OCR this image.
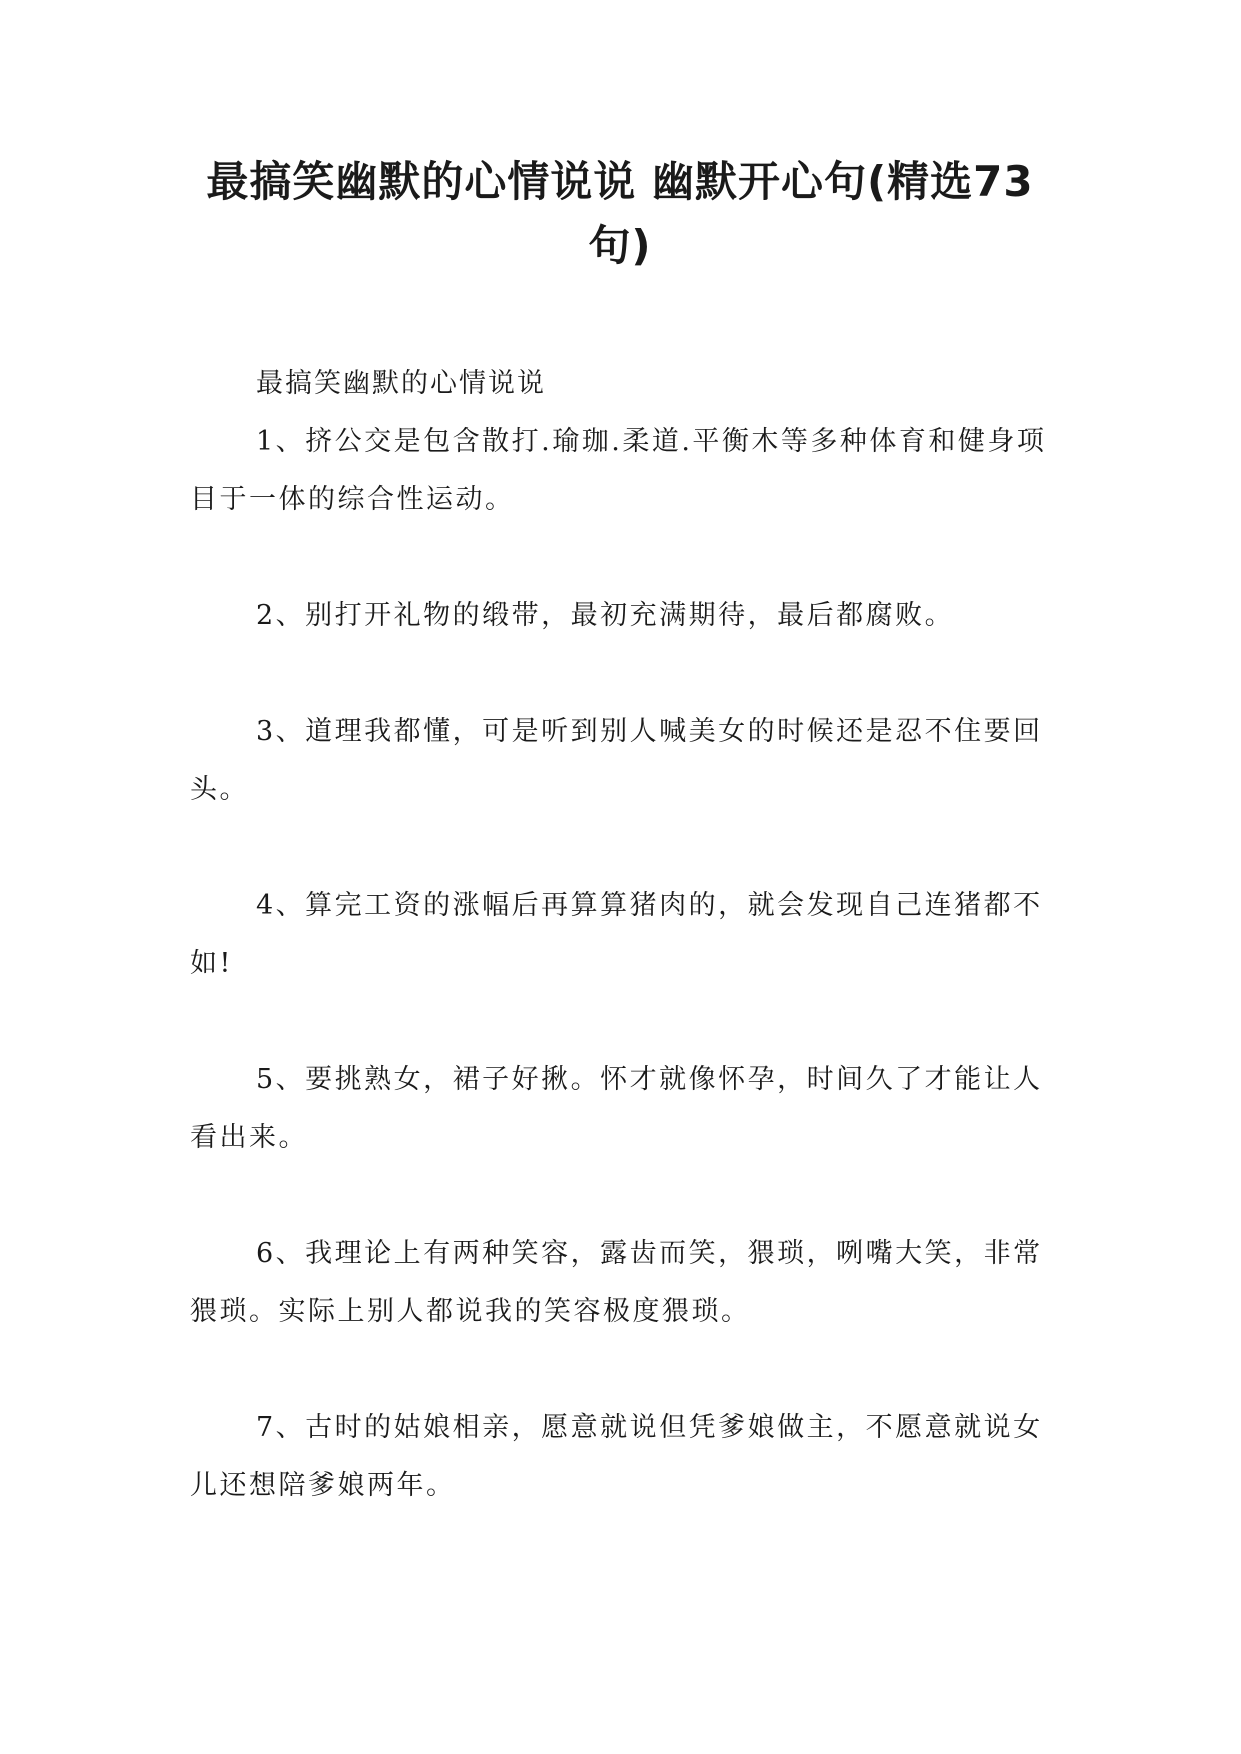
最搞笑幽默的心情说说 幽默开心句(精选73句)

最搞笑幽默的心情说说

1、挤公交是包含散打.瑜珈.柔道.平衡木等多种体育和健身项目于一体的综合性运动。

2、别打开礼物的缎带，最初充满期待，最后都腐败。

3、道理我都懂，可是听到别人喊美女的时候还是忍不住要回头。

4、算完工资的涨幅后再算算猪肉的，就会发现自己连猪都不如!

5、要挑熟女，裙子好揪。怀才就像怀孕，时间久了才能让人看出来。

6、我理论上有两种笑容，露齿而笑，猥琐，咧嘴大笑，非常猥琐。实际上别人都说我的笑容极度猥琐。

7、古时的姑娘相亲，愿意就说但凭爹娘做主，不愿意就说女儿还想陪爹娘两年。
